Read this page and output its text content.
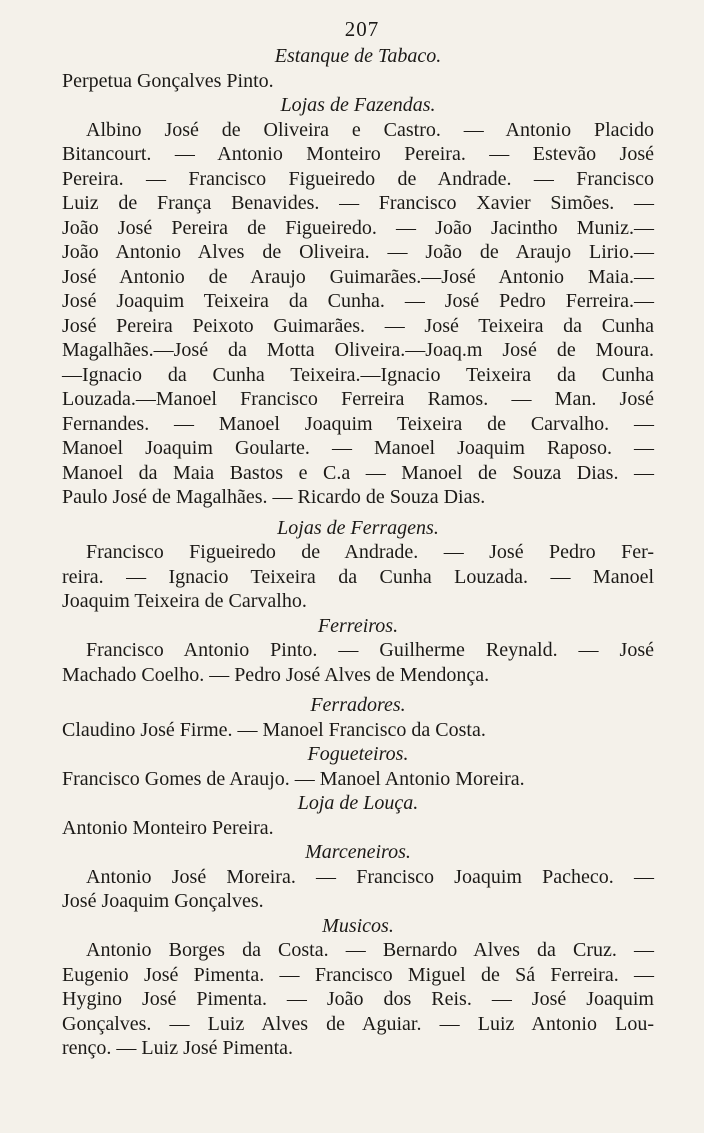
207
Estanque de Tabaco.
Perpetua Gonçalves Pinto.
Lojas de Fazendas.
Albino José de Oliveira e Castro. — Antonio Placido
Bitancourt. — Antonio Monteiro Pereira. — Estevão José
Pereira. — Francisco Figueiredo de Andrade. — Francisco
Luiz de França Benavides. — Francisco Xavier Simões. —
João José Pereira de Figueiredo. — João Jacintho Muniz.—
João Antonio Alves de Oliveira. — João de Araujo Lirio.—
José Antonio de Araujo Guimarães.—José Antonio Maia.—
José Joaquim Teixeira da Cunha. — José Pedro Ferreira.—
José Pereira Peixoto Guimarães. — José Teixeira da Cunha
Magalhães.—José da Motta Oliveira.—Joaq.m José de Moura.
—Ignacio da Cunha Teixeira.—Ignacio Teixeira da Cunha
Louzada.—Manoel Francisco Ferreira Ramos. — Man. José
Fernandes. — Manoel Joaquim Teixeira de Carvalho. —
Manoel Joaquim Goularte. — Manoel Joaquim Raposo. —
Manoel da Maia Bastos e C.a — Manoel de Souza Dias. —
Paulo José de Magalhães. — Ricardo de Souza Dias.
Lojas de Ferragens.
Francisco Figueiredo de Andrade. — José Pedro Fer-
reira. — Ignacio Teixeira da Cunha Louzada. — Manoel
Joaquim Teixeira de Carvalho.
Ferreiros.
Francisco Antonio Pinto. — Guilherme Reynald. — José
Machado Coelho. — Pedro José Alves de Mendonça.
Ferradores.
Claudino José Firme. — Manoel Francisco da Costa.
Fogueteiros.
Francisco Gomes de Araujo. — Manoel Antonio Moreira.
Loja de Louça.
Antonio Monteiro Pereira.
Marceneiros.
Antonio José Moreira. — Francisco Joaquim Pacheco. —
José Joaquim Gonçalves.
Musicos.
Antonio Borges da Costa. — Bernardo Alves da Cruz. —
Eugenio José Pimenta. — Francisco Miguel de Sá Ferreira. —
Hygino José Pimenta. — João dos Reis. — José Joaquim
Gonçalves. — Luiz Alves de Aguiar. — Luiz Antonio Lou-
renço. — Luiz José Pimenta.
